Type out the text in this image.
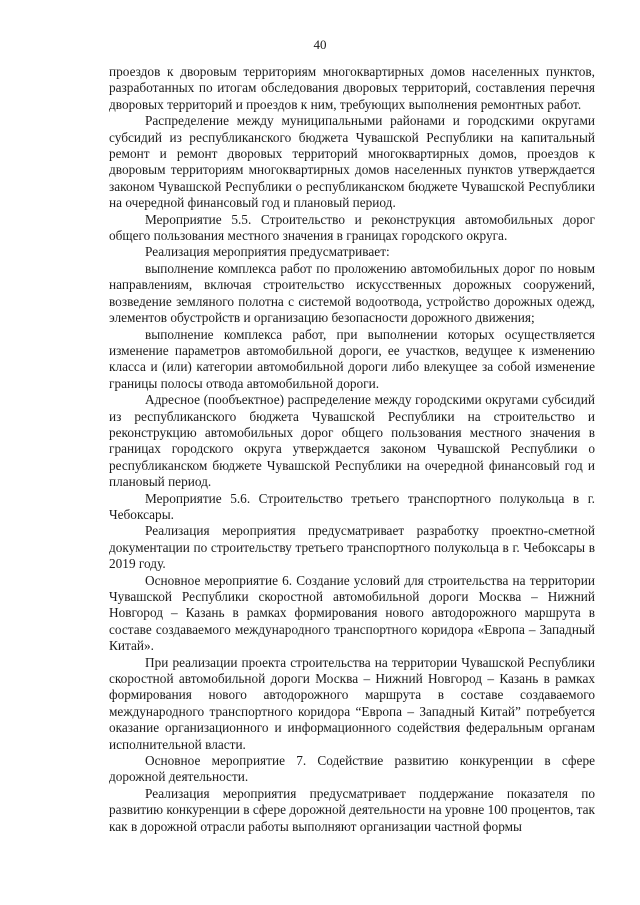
40

проездов к дворовым территориям многоквартирных домов населенных пунктов, разработанных по итогам обследования дворовых территорий, составления перечня дворовых территорий и проездов к ним, требующих выполнения ремонтных работ.

Распределение между муниципальными районами и городскими округами субсидий из республиканского бюджета Чувашской Республики на капитальный ремонт и ремонт дворовых территорий многоквартирных домов, проездов к дворовым территориям многоквартирных домов населенных пунктов утверждается законом Чувашской Республики о республиканском бюджете Чувашской Республики на очередной финансовый год и плановый период.

Мероприятие 5.5. Строительство и реконструкция автомобильных дорог общего пользования местного значения в границах городского округа.

Реализация мероприятия предусматривает:

выполнение комплекса работ по проложению автомобильных дорог по новым направлениям, включая строительство искусственных дорожных сооружений, возведение земляного полотна с системой водоотвода, устройство дорожных одежд, элементов обустройств и организацию безопасности дорожного движения;

выполнение комплекса работ, при выполнении которых осуществляется изменение параметров автомобильной дороги, ее участков, ведущее к изменению класса и (или) категории автомобильной дороги либо влекущее за собой изменение границы полосы отвода автомобильной дороги.

Адресное (пообъектное) распределение между городскими округами субсидий из республиканского бюджета Чувашской Республики на строительство и реконструкцию автомобильных дорог общего пользования местного значения в границах городского округа утверждается законом Чувашской Республики о республиканском бюджете Чувашской Республики на очередной финансовый год и плановый период.

Мероприятие 5.6. Строительство третьего транспортного полукольца в г. Чебоксары.

Реализация мероприятия предусматривает разработку проектно-сметной документации по строительству третьего транспортного полукольца в г. Чебоксары в 2019 году.

Основное мероприятие 6. Создание условий для строительства на территории Чувашской Республики скоростной автомобильной дороги Москва – Нижний Новгород – Казань в рамках формирования нового автодорожного маршрута в составе создаваемого международного транспортного коридора «Европа – Западный Китай».

При реализации проекта строительства на территории Чувашской Республики скоростной автомобильной дороги Москва – Нижний Новгород – Казань в рамках формирования нового автодорожного маршрута в составе создаваемого международного транспортного коридора “Европа – Западный Китай” потребуется оказание организационного и информационного содействия федеральным органам исполнительной власти.

Основное мероприятие 7. Содействие развитию конкуренции в сфере дорожной деятельности.

Реализация мероприятия предусматривает поддержание показателя по развитию конкуренции в сфере дорожной деятельности на уровне 100 процентов, так как в дорожной отрасли работы выполняют организации частной формы
